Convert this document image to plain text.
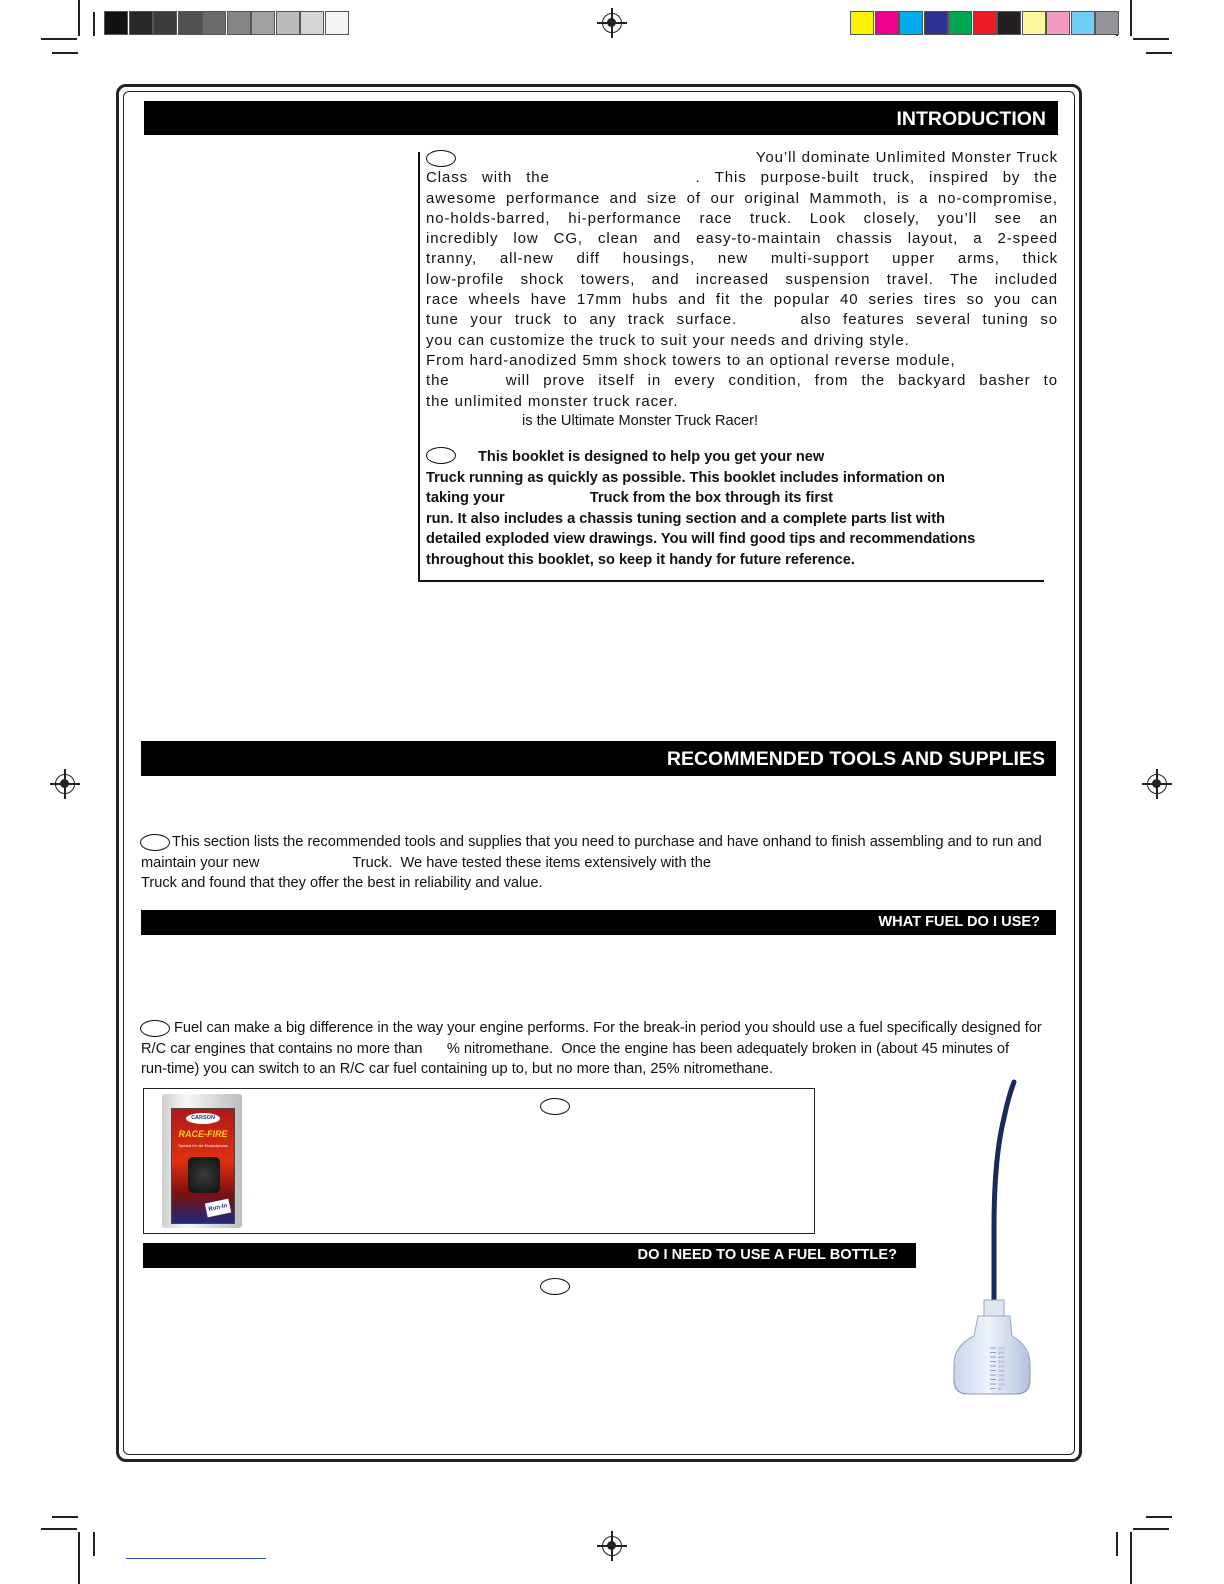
INTRODUCTION
You’ll dominate Unlimited Monster Truck
Class with the	. This purpose-built truck, inspired by the
awesome performance and size of our original Mammoth, is a no-compromise,
no-holds-barred, hi-performance race truck. Look closely, you’ll see an
incredibly low CG, clean and easy-to-maintain chassis layout, a 2-speed
tranny, all-new diff housings, new multi-support upper arms, thick
low-profile shock towers, and increased suspension travel. The included
race wheels have 17mm hubs and fit the popular 40 series tires so you can
tune your truck to any track surface.	also features several tuning so
you can customize the truck to suit your needs and driving style.
From hard-anodized 5mm shock towers to an optional reverse module,
the	will prove itself in every condition, from the backyard basher to
the unlimited monster truck racer.
is the Ultimate Monster Truck Racer!
This booklet is designed to help you get your new
Truck running as quickly as possible. This booklet includes information on
taking your                     Truck from the box through its first
run. It also includes a chassis tuning section and a complete parts list with
detailed exploded view drawings. You will find good tips and recommendations
throughout this booklet, so keep it handy for future reference.
RECOMMENDED TOOLS AND SUPPLIES
This section lists the recommended tools and supplies that you need to purchase and have onhand to finish assembling and to run and
maintain your new                       Truck.  We have tested these items extensively with the
Truck and found that they offer the best in reliability and value.
WHAT FUEL DO I USE?
Fuel can make a big difference in the way your engine performs. For the break-in period you should use a fuel specifically designed for
R/C car engines that contains no more than      % nitromethane.  Once the engine has been adequately broken in (about 45 minutes of
run-time) you can switch to an R/C car fuel containing up to, but no more than, 25% nitromethane.
CARSON
RACE-FIRE
Spezial für die Einlaufphase
Run-In
DO I NEED TO USE A FUEL BOTTLE?
500
450
400
350
300
250
200
150
100
50
